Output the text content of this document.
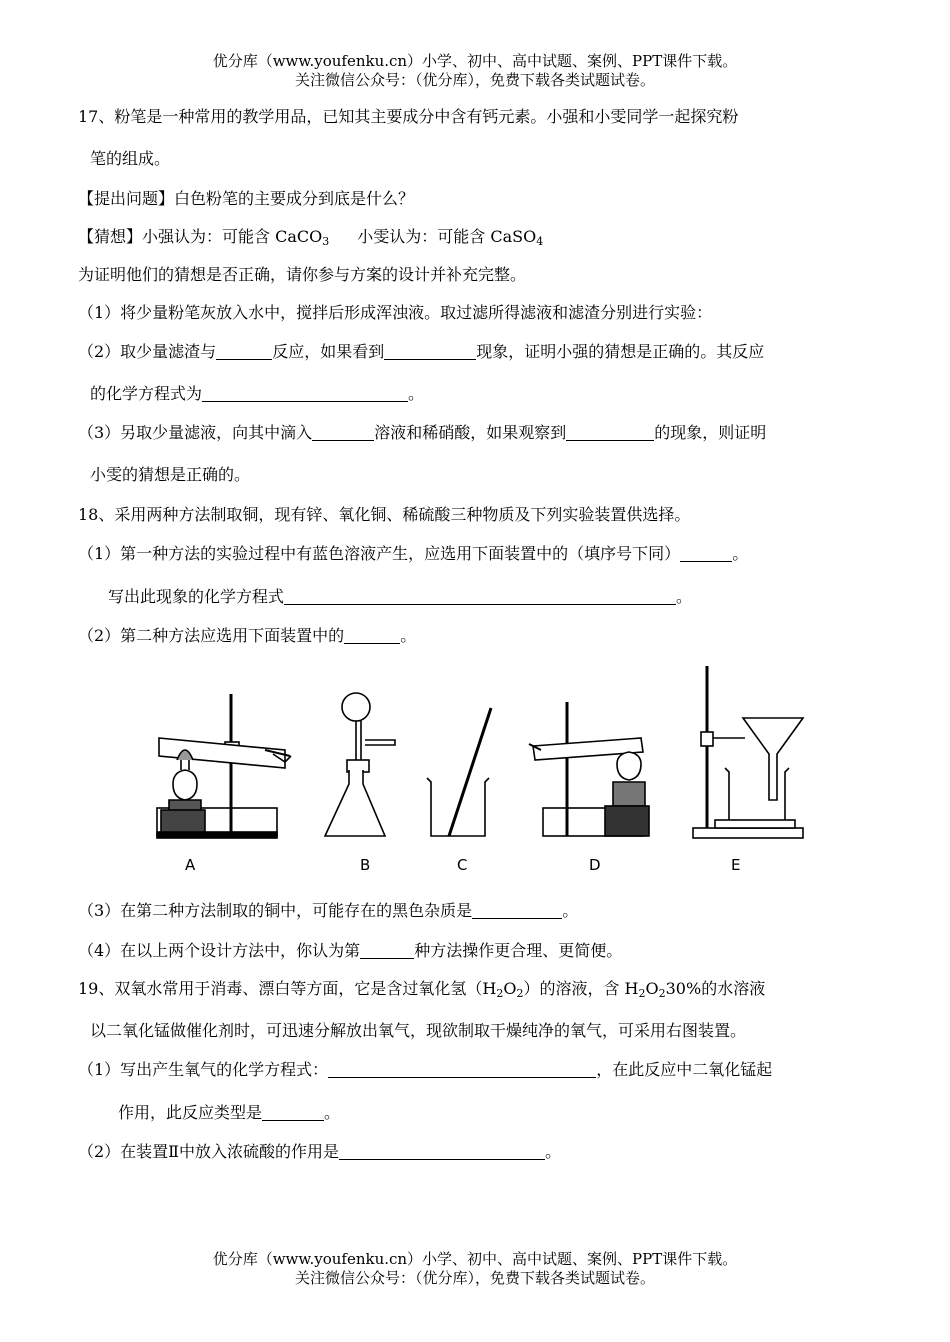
优分库（www.youfenku.cn）小学、初中、高中试题、案例、PPT课件下载。
关注微信公众号：（优分库），免费下载各类试题试卷。
17、粉笔是一种常用的教学用品，已知其主要成分中含有钙元素。小强和小雯同学一起探究粉
笔的组成。
【提出问题】白色粉笔的主要成分到底是什么？
【猜想】小强认为：可能含 CaCO$_3$ 小雯认为：可能含 CaSO$_4$
为证明他们的猜想是否正确，请你参与方案的设计并补充完整。
（1）将少量粉笔灰放入水中，搅拌后形成浑浊液。取过滤所得滤液和滤渣分别进行实验：
（2）取少量滤渣与	反应，如果看到	现象，证明小强的猜想是正确的。其反应
的化学方程式为	。
（3）另取少量滤液，向其中滴入	溶液和稀硝酸，如果观察到	的现象，则证明
小雯的猜想是正确的。
18、采用两种方法制取铜，现有锌、氧化铜、稀硫酸三种物质及下列实验装置供选择。
（1）第一种方法的实验过程中有蓝色溶液产生，应选用下面装置中的（填序号下同）	。
写出此现象的化学方程式	。
（2）第二种方法应选用下面装置中的	。
A	B	C	D	E
（3）在第二种方法制取的铜中，可能存在的黑色杂质是	。
（4）在以上两个设计方法中，你认为第	种方法操作更合理、更简便。
19、双氧水常用于消毒、漂白等方面，它是含过氧化氢$(H_2O_2)$的溶液，含 $H_2O_230\%$的水溶液
以二氧化锰做催化剂时，可迅速分解放出氧气，现欲制取干燥纯净的氧气，可采用右图装置。
（1）写出产生氧气的化学方程式：	，在此反应中二氧化锰起
作用，此反应类型是	。
（2）在装置Ⅱ中放入浓硫酸的作用是	。
优分库（www.youfenku.cn）小学、初中、高中试题、案例、PPT课件下载。
关注微信公众号：（优分库），免费下载各类试题试卷。
